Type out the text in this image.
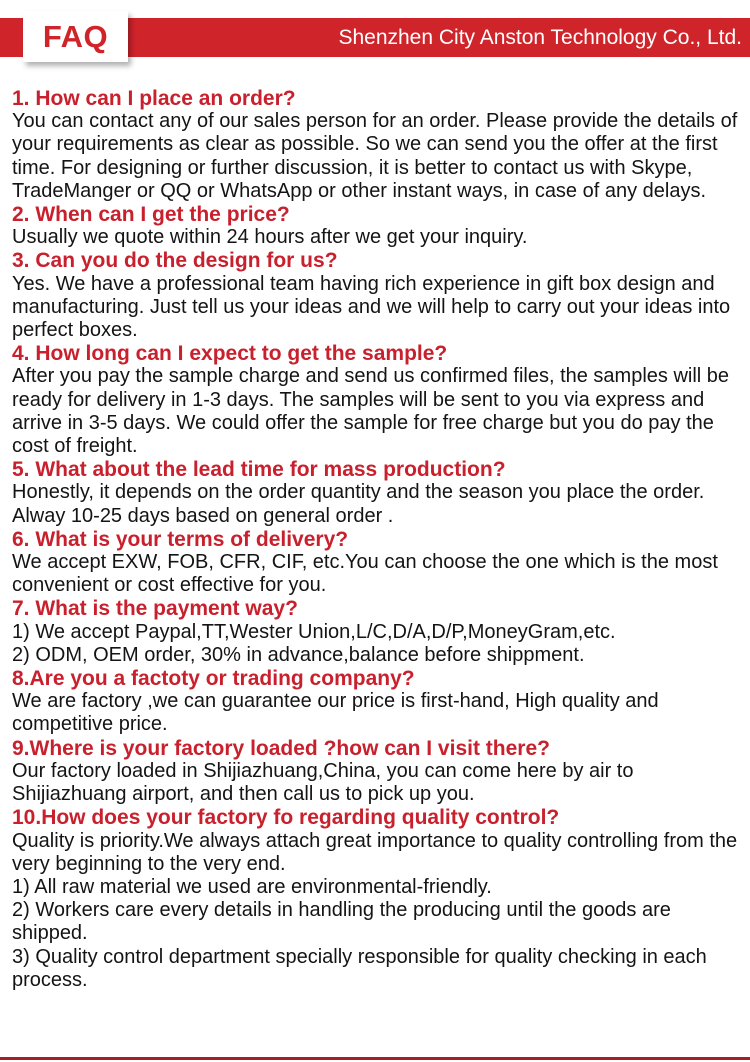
Shenzhen City Anston Technology Co., Ltd.
FAQ
1. How can I place an order?

You can contact any of our sales person for an order. Please provide the details of your requirements as clear as possible. So we can send you the offer at the first time. For designing or further discussion, it is better to contact us with Skype, TradeManger or QQ or WhatsApp or other instant ways, in case of any delays.

2. When can I get the price?

Usually we quote within 24 hours after we get your inquiry.

3. Can you do the design for us?

Yes. We have a professional team having rich experience in gift box design and manufacturing. Just tell us your ideas and we will help to carry out your ideas into perfect boxes.

4. How long can I expect to get the sample?

After you pay the sample charge and send us confirmed files, the samples will be ready for delivery in 1-3 days. The samples will be sent to you via express and arrive in 3-5 days. We could offer the sample for free charge but you do pay the cost of freight.

5. What about the lead time for mass production?

Honestly, it depends on the order quantity and the season you place the order.

Alway 10-25 days based on general order .

6. What is your terms of delivery?

We accept EXW, FOB, CFR, CIF, etc.You can choose the one which is the most convenient or cost effective for you.

7. What is the payment way?

1) We accept Paypal,TT,Wester Union,L/C,D/A,D/P,MoneyGram,etc.

2) ODM, OEM order, 30% in advance,balance before shippment.

8.Are you a factoty or trading company?

We are factory ,we can guarantee our price is first-hand, High quality and competitive price.

9.Where is your factory loaded ?how can I visit there?

Our factory loaded in Shijiazhuang,China, you can come here by air to Shijiazhuang airport, and then call us to pick up you.

10.How does your factory fo regarding quality control?

Quality is priority.We always attach great importance to quality controlling from the very beginning to the very end.

1) All raw material we used are environmental-friendly.

2) Workers care every details in handling the producing until the goods are shipped.

3) Quality control department specially responsible for quality checking in each process.
